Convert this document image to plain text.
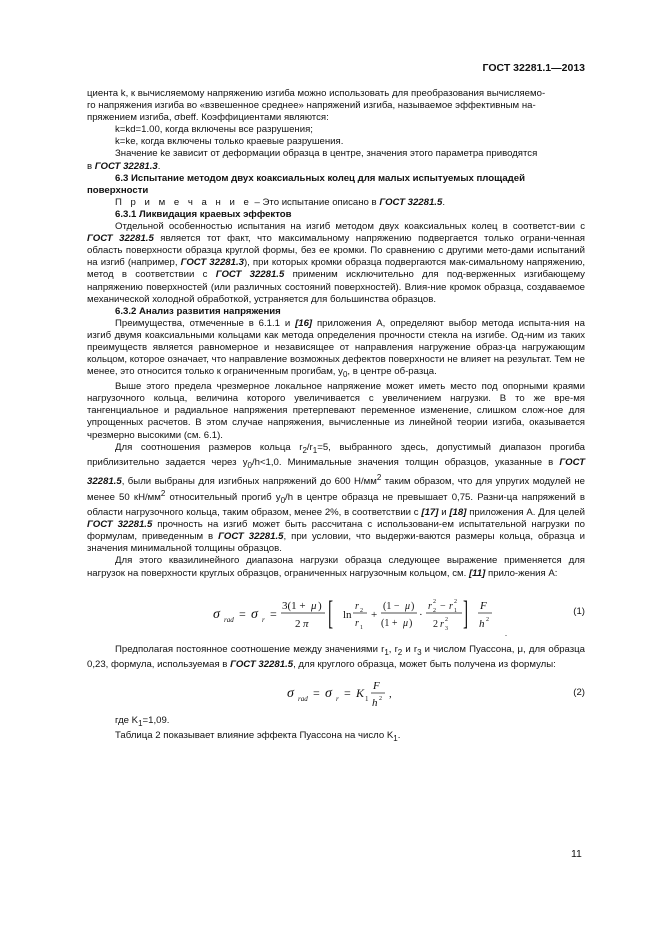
ГОСТ 32281.1—2013

циента k, к вычисляемому напряжению изгиба можно использовать для преобразования вычисляемо-
го напряжения изгиба во «взвешенное среднее» напряжений изгиба, называемое эффективным на-
пряжением изгиба, σbeff. Коэффициентами являются:

k=kd=1.00, когда включены все разрушения;

k=ke, когда включены только краевые разрушения.

Значение ke зависит от деформации образца в центре, значения этого параметра приводятся

в ГОСТ 32281.3.

6.3 Испытание методом двух коаксиальных колец для малых испытуемых площадей поверхности

П р и м е ч а н и е – Это испытание описано в ГОСТ 32281.5.

6.3.1 Ликвидация краевых эффектов

Отдельной особенностью испытания на изгиб методом двух коаксиальных колец в соответст-вии с ГОСТ 32281.5 является тот факт, что максимальному напряжению подвергается только ограни-ченная область поверхности образца круглой формы, без ее кромки. По сравнению с другими мето-дами испытаний на изгиб (например, ГОСТ 32281.3), при которых кромки образца подвергаются мак-симальному напряжению, метод в соответствии с ГОСТ 32281.5 применим исключительно для под-верженных изгибающему напряжению поверхностей (или различных состояний поверхностей). Влия-ние кромок образца, создаваемое механической холодной обработкой, устраняется для большинства образцов.

6.3.2 Анализ развития напряжения

Преимущества, отмеченные в 6.1.1 и [16] приложения А, определяют выбор метода испыта-ния на изгиб двумя коаксиальными кольцами как метода определения прочности стекла на изгибе. Од-ним из таких преимуществ является равномерное и независящее от направления нагружение образ-ца нагружающим кольцом, которое означает, что направление возможных дефектов поверхности не влияет на результат. Тем не менее, это относится только к ограниченным прогибам, $y_0$, в центре об-разца.

Выше этого предела чрезмерное локальное напряжение может иметь место под опорными краями нагрузочного кольца, величина которого увеличивается с увеличением нагрузки. В то же вре-мя тангенциальное и радиальное напряжения претерпевают переменное изменение, слишком слож-ное для упрощенных расчетов. В этом случае напряжения, вычисленные из линейной теории изгиба, оказывается чрезмерно высокими (см. 6.1).

Для соотношения размеров кольца $r_2/r_1=5$, выбранного здесь, допустимый диапазон прогиба приблизительно задается через $y_0/h<1,0$. Минимальные значения толщин образцов, указанные в ГОСТ 32281.5, были выбраны для изгибных напряжений до 600 $Н/мм^2$ таким образом, что для упругих модулей не менее 50 $кН/мм^2$ относительный прогиб $y_0/h$ в центре образца не превышает 0,75. Разни-ца напряжений в области нагрузочного кольца, таким образом, менее 2%, в соответствии с [17] и [18] приложения А. Для целей ГОСТ 32281.5 прочность на изгиб может быть рассчитана с использовани-ем испытательной нагрузки по формулам, приведенным в ГОСТ 32281.5, при условии, что выдержи-ваются размеры кольца, образца и значения минимальной толщины образцов.

Для этого квазилинейного диапазона нагрузки образца следующее выражение применяется для нагрузок на поверхности круглых образцов, ограниченных нагрузочным кольцом, см. [11] прило-жения А:

σ rad = σ r =
3(1 + μ )
2 π [ ln
r 2
r 1
+
(1 − μ )
(1 + μ )
·
r 2
2 − r 1
2
2 r 3
2 ] F
h 2
.
(1)

Предполагая постоянное соотношение между значениями $r_1$, $r_2$ и $r_3$ и числом Пуассона, μ, для образца 0,23, формула, используемая в ГОСТ 32281.5, для круглого образца, может быть получена из формулы:

σ rad = σ r = K 1
F
h 2 ,	(2)

где $K_1=1,09$.

Таблица 2 показывает влияние эффекта Пуассона на число $K_1$.

11
